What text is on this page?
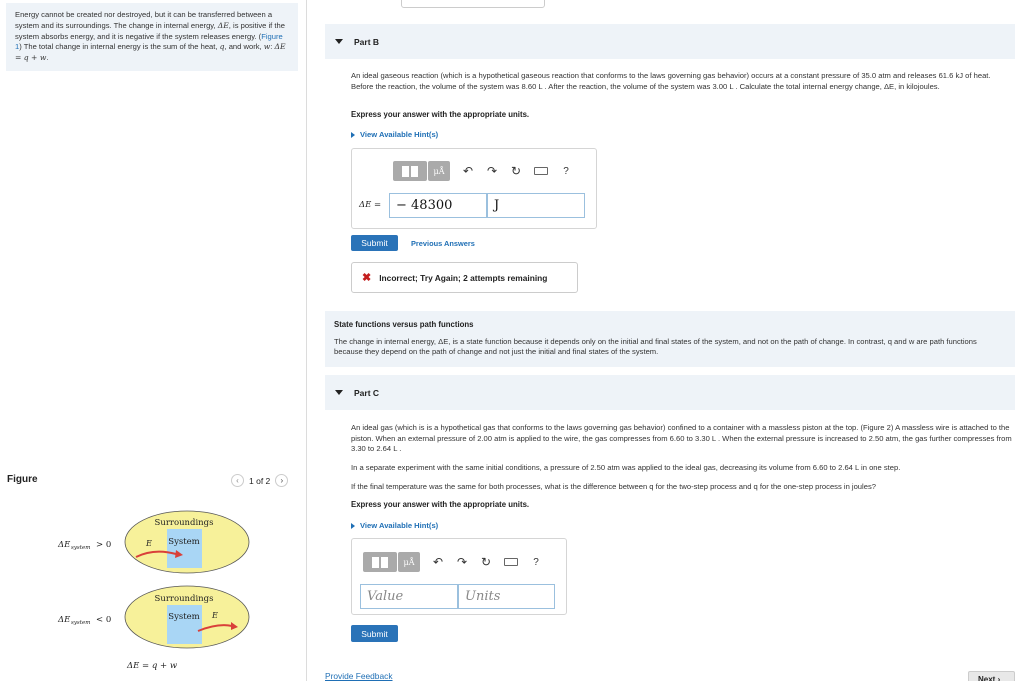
Energy cannot be created nor destroyed, but it can be transferred between a system and its surroundings. The change in internal energy, ΔE, is positive if the system absorbs energy, and it is negative if the system releases energy. (Figure 1) The total change in internal energy is the sum of the heat, q, and work, w: ΔE = q + w.
Figure	‹	1 of 2	›
ΔE system > 0
Surroundings
System
E
ΔE system < 0
Surroundings
System E
ΔE = q + w
Part B
An ideal gaseous reaction (which is a hypothetical gaseous reaction that conforms to the laws governing gas behavior) occurs at a constant pressure of 35.0 atm and releases 61.6 kJ of heat. Before the reaction, the volume of the system was 8.60 L . After the reaction, the volume of the system was 3.00 L . Calculate the total internal energy change, ΔE, in kilojoules.
Express your answer with the appropriate units.
View Available Hint(s)
μÅ	↶ ↷ ↻	?
ΔE =	− 48300	J
Submit	Previous Answers
✖ Incorrect; Try Again; 2 attempts remaining
State functions versus path functions
The change in internal energy, ΔE, is a state function because it depends only on the initial and final states of the system, and not on the path of change. In contrast, q and w are path functions because they depend on the path of change and not just the initial and final states of the system.
Part C
An ideal gas (which is is a hypothetical gas that conforms to the laws governing gas behavior) confined to a container with a massless piston at the top. (Figure 2) A massless wire is attached to the piston. When an external pressure of 2.00 atm is applied to the wire, the gas compresses from 6.60 to 3.30 L . When the external pressure is increased to 2.50 atm, the gas further compresses from 3.30 to 2.64 L .
In a separate experiment with the same initial conditions, a pressure of 2.50 atm was applied to the ideal gas, decreasing its volume from 6.60 to 2.64 L in one step.
If the final temperature was the same for both processes, what is the difference between q for the two-step process and q for the one-step process in joules?
Express your answer with the appropriate units.
View Available Hint(s)
μÅ	↶ ↷ ↻	?
Value	Units
Submit
Provide Feedback	Next ›
